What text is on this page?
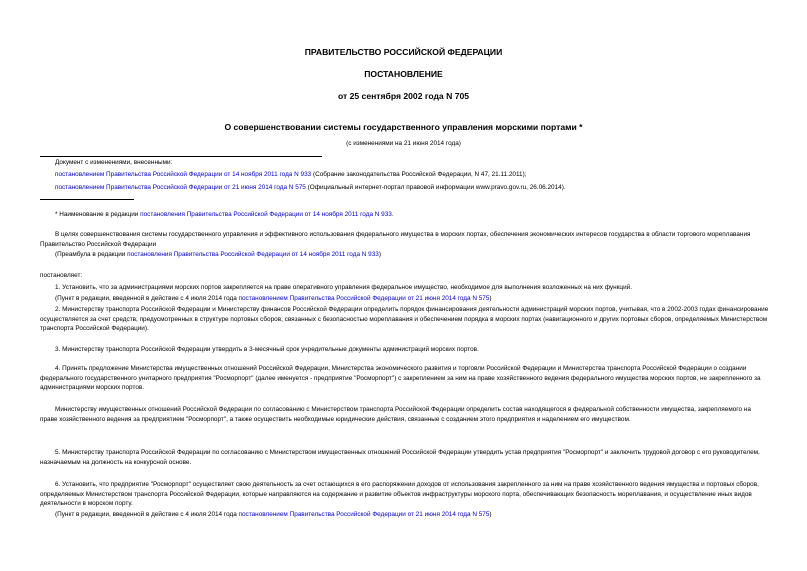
ПРАВИТЕЛЬСТВО РОССИЙСКОЙ ФЕДЕРАЦИИ
ПОСТАНОВЛЕНИЕ
от 25 сентября 2002 года N 705
О совершенствовании системы государственного управления морскими портами *
(с изменениями на 21 июня 2014 года)
Документ с изменениями, внесенными:
постановлением Правительства Российской Федерации от 14 ноября 2011 года N 933 (Собрание законодательства Российской Федерации, N 47, 21.11.2011);
постановлением Правительства Российской Федерации от 21 июня 2014 года N 575 (Официальный интернет-портал правовой информации www.pravo.gov.ru, 26.06.2014).
* Наименование в редакции постановления Правительства Российской Федерации от 14 ноября 2011 года N 933.
В целях совершенствования системы государственного управления и эффективного использования федерального имущества в морских портах, обеспечения экономических интересов государства в области торгового мореплавания Правительство Российской Федерации
(Преамбула в редакции постановления Правительства Российской Федерации от 14 ноября 2011 года N 933)
постановляет:
1. Установить, что за администрациями морских портов закрепляется на праве оперативного управления федеральное имущество, необходимое для выполнения возложенных на них функций.
(Пункт в редакции, введенной в действие с 4 июля 2014 года постановлением Правительства Российской Федерации от 21 июня 2014 года N 575)
2. Министерству транспорта Российской Федерации и Министерству финансов Российской Федерации определить порядок финансирования деятельности администраций морских портов, учитывая, что в 2002-2003 годах финансирование осуществляется за счет средств, предусмотренных в структуре портовых сборов, связанных с безопасностью мореплавания и обеспечением порядка в морских портах (навигационного и других портовых сборов, определяемых Министерством транспорта Российской Федерации).
3. Министерству транспорта Российской Федерации утвердить в 3-месячный срок учредительные документы администраций морских портов.
4. Принять предложение Министерства имущественных отношений Российской Федерации, Министерства экономического развития и торговли Российской Федерации и Министерства транспорта Российской Федерации о создании федерального государственного унитарного предприятия "Росморпорт" (далее именуется - предприятие "Росморпорт") с закреплением за ним на праве хозяйственного ведения федерального имущества морских портов, не закрепленного за администрациями морских портов.
Министерству имущественных отношений Российской Федерации по согласованию с Министерством транспорта Российской Федерации определить состав находящегося в федеральной собственности имущества, закрепляемого на праве хозяйственного ведения за предприятием "Росморпорт", а также осуществить необходимые юридические действия, связанные с созданием этого предприятия и наделением его имуществом.
5. Министерству транспорта Российской Федерации по согласованию с Министерством имущественных отношений Российской Федерации утвердить устав предприятия "Росморпорт" и заключить трудовой договор с его руководителем, назначаемым на должность на конкурсной основе.
6. Установить, что предприятие "Росморпорт" осуществляет свою деятельность за счет остающихся в его распоряжении доходов от использования закрепленного за ним на праве хозяйственного ведения имущества и портовых сборов, определяемых Министерством транспорта Российской Федерации, которые направляются на содержание и развитие объектов инфраструктуры морского порта, обеспечивающих безопасность мореплавания, и осуществление иных видов деятельности в морском порту.
(Пункт в редакции, введенной в действие с 4 июля 2014 года постановлением Правительства Российской Федерации от 21 июня 2014 года N 575)
